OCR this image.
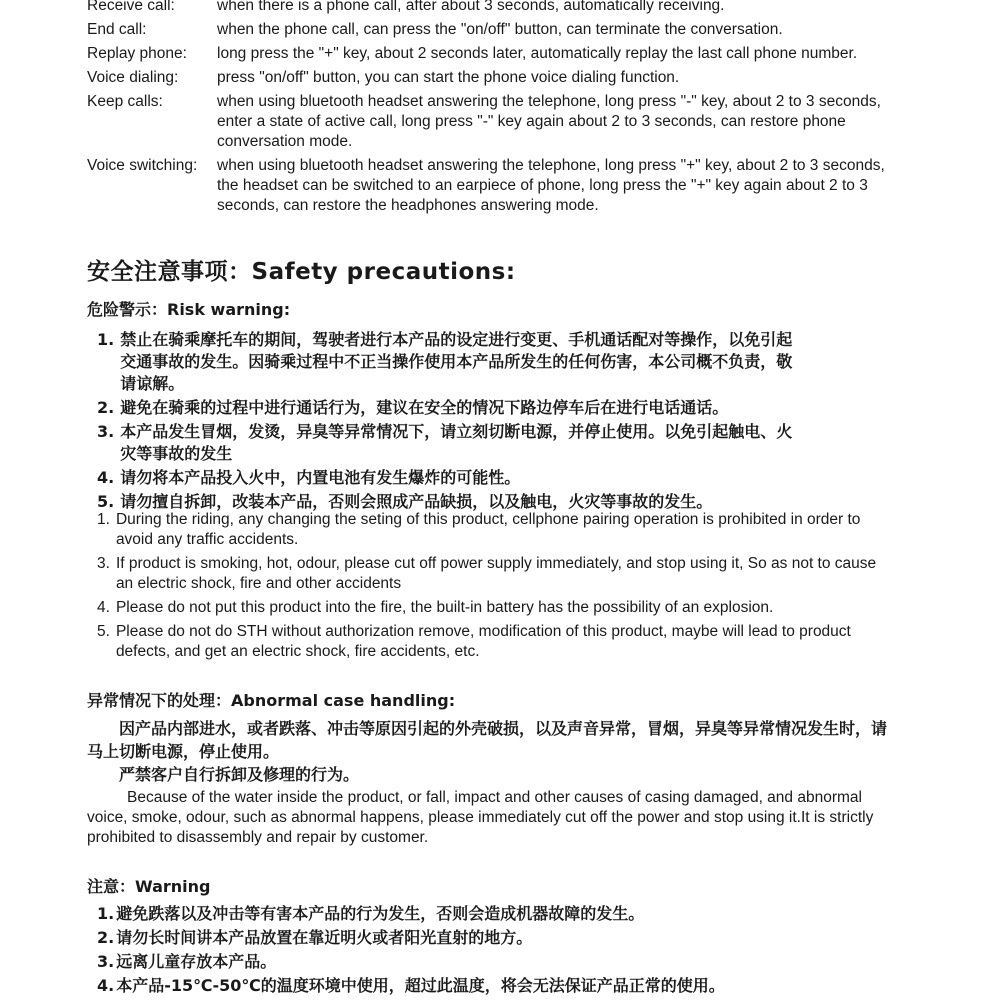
Receive call:	when there is a phone call, after about 3 seconds, automatically receiving.
End call:	when the phone call, can press the "on/off" button, can terminate the conversation.
Replay phone:	long press the "+" key, about 2 seconds later, automatically replay the last call phone number.
Voice dialing:	press "on/off" button, you can start the phone voice dialing function.
Keep calls:	when using bluetooth headset answering the telephone, long press "-" key, about 2 to 3 seconds,
enter a state of active call, long press "-" key again about 2 to 3 seconds, can restore phone
conversation mode.
Voice switching:	when using bluetooth headset answering the telephone, long press "+" key, about 2 to 3 seconds,
the headset can be switched to an earpiece of phone, long press the "+" key again about 2 to 3
seconds, can restore the headphones answering mode.
安全注意事项：Safety precautions:
危险警示：Risk warning:
1. 禁止在骑乘摩托车的期间，驾驶者进行本产品的设定进行变更、手机通话配对等操作，以免引起
交通事故的发生。因骑乘过程中不正当操作使用本产品所发生的任何伤害，本公司概不负责，敬
请谅解。
2. 避免在骑乘的过程中进行通话行为，建议在安全的情况下路边停车后在进行电话通话。
3. 本产品发生冒烟，发烫，异臭等异常情况下，请立刻切断电源，并停止使用。以免引起触电、火
灾等事故的发生
4. 请勿将本产品投入火中，内置电池有发生爆炸的可能性。
5. 请勿擅自拆卸，改装本产品，否则会照成产品缺损，以及触电，火灾等事故的发生。
1. During the riding, any changing the seting of this product, cellphone pairing operation is prohibited in order to
avoid any traffic accidents.
3. If product is smoking, hot, odour, please cut off power supply immediately, and stop using it, So as not to cause
an electric shock, fire and other accidents
4. Please do not put this product into the fire, the built-in battery has the possibility of an explosion.
5. Please do not do STH without authorization remove, modification of this product, maybe will lead to product
defects, and get an electric shock, fire accidents, etc.
异常情况下的处理：Abnormal case handling:

因产品内部进水，或者跌落、冲击等原因引起的外壳破损，以及声音异常，冒烟，异臭等异常情况发生时，请马上切断电源，停止使用。

严禁客户自行拆卸及修理的行为。

Because of the water inside the product, or fall, impact and other causes of casing damaged, and abnormal voice, smoke, odour, such as abnormal happens, please immediately cut off the power and stop using it.It is strictly prohibited to disassembly and repair by customer.

注意：Warning
1. 避免跌落以及冲击等有害本产品的行为发生，否则会造成机器故障的发生。
2. 请勿长时间讲本产品放置在靠近明火或者阳光直射的地方。
3. 远离儿童存放本产品。
4. 本产品-15℃-50℃的温度环境中使用，超过此温度，将会无法保证产品正常的使用。
